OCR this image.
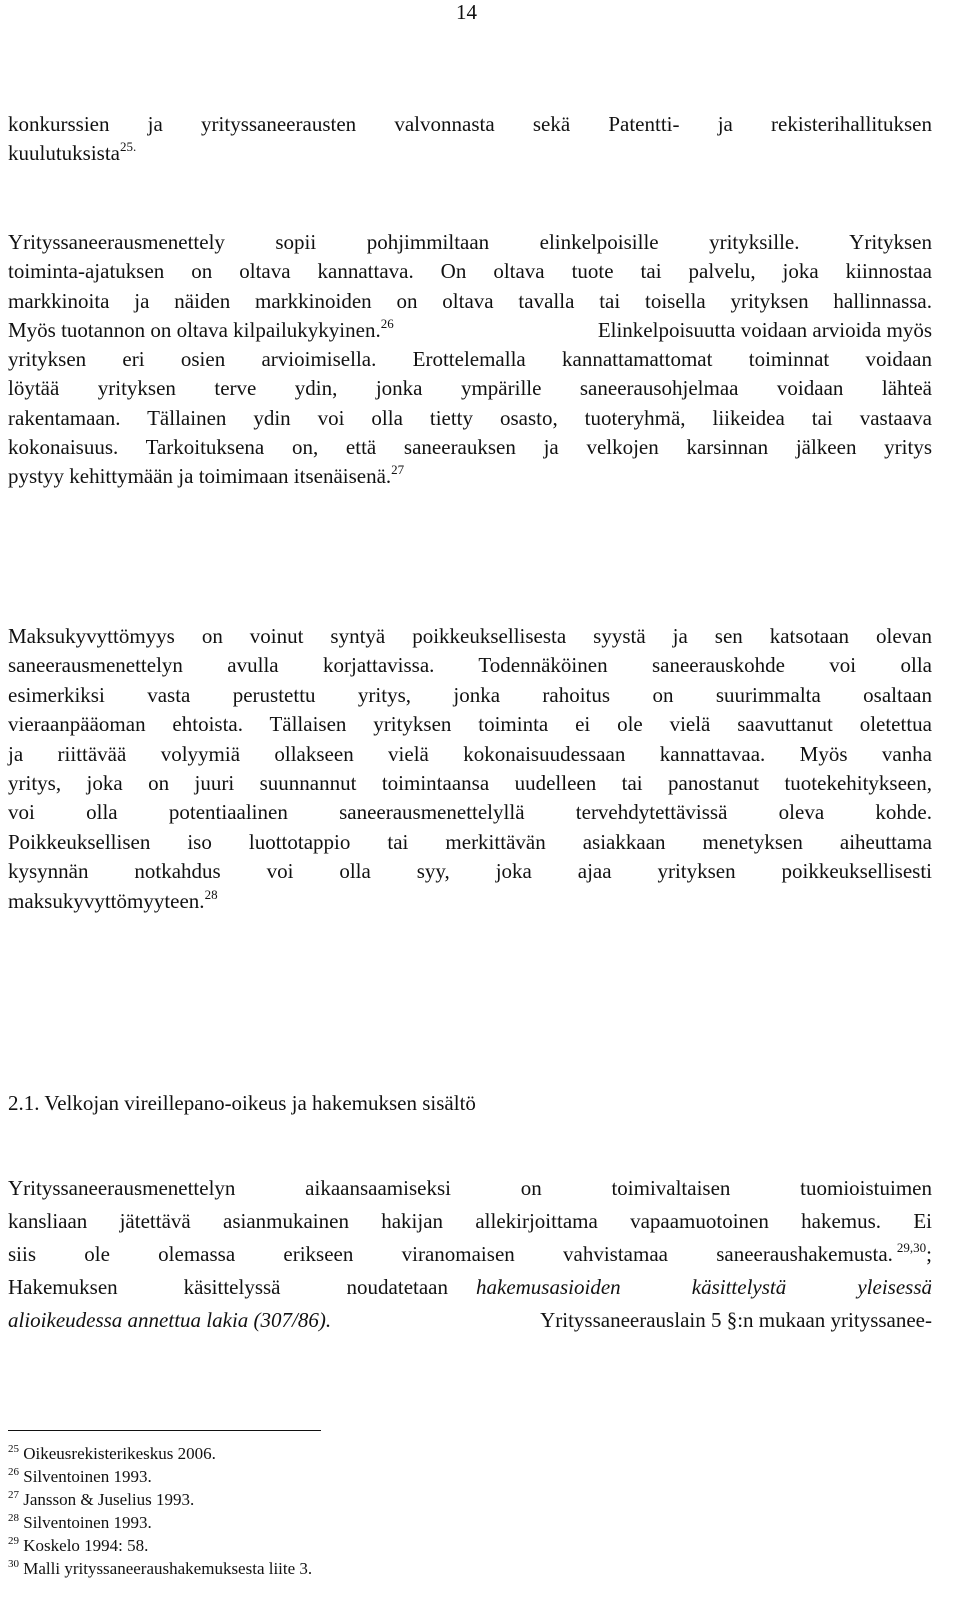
14
konkurssien ja yrityssaneerausten valvonnasta sekä Patentti- ja rekisterihallituksen
kuulutuksista$^{25.}$
Yrityssaneerausmenettely sopii pohjimmiltaan elinkelpoisille yrityksille. Yrityksen
toiminta-ajatuksen on oltava kannattava. On oltava tuote tai palvelu, joka kiinnostaa
markkinoita ja näiden markkinoiden on oltava tavalla tai toisella yrityksen hallinnassa.
Myös tuotannon on oltava kilpailukykyinen.$^{26}$	Elinkelpoisuutta voidaan arvioida myös
yrityksen eri osien arvioimisella. Erottelemalla kannattamattomat toiminnat voidaan
löytää yrityksen terve ydin, jonka ympärille saneerausohjelmaa voidaan lähteä
rakentamaan. Tällainen ydin voi olla tietty osasto, tuoteryhmä, liikeidea tai vastaava
kokonaisuus. Tarkoituksena on, että saneerauksen ja velkojen karsinnan jälkeen yritys
pystyy kehittymään ja toimimaan itsenäisenä.$^{27}$
Maksukyvyttömyys on voinut syntyä poikkeuksellisesta syystä ja sen katsotaan olevan
saneerausmenettelyn avulla korjattavissa. Todennäköinen saneerauskohde voi olla
esimerkiksi vasta perustettu yritys, jonka rahoitus on suurimmalta osaltaan
vieraanpääoman ehtoista. Tällaisen yrityksen toiminta ei ole vielä saavuttanut oletettua
ja riittävää volyymiä ollakseen vielä kokonaisuudessaan kannattavaa. Myös vanha
yritys, joka on juuri suunnannut toimintaansa uudelleen tai panostanut tuotekehitykseen,
voi olla potentiaalinen saneerausmenettelyllä tervehdytettävissä oleva kohde.
Poikkeuksellisen iso luottotappio tai merkittävän asiakkaan menetyksen aiheuttama
kysynnän notkahdus voi olla syy, joka ajaa yrityksen poikkeuksellisesti
maksukyvyttömyyteen.$^{28}$
2.1. Velkojan vireillepano-oikeus ja hakemuksen sisältö
Yrityssaneerausmenettelyn aikaansaamiseksi on toimivaltaisen tuomioistuimen
kansliaan jätettävä asianmukainen hakijan allekirjoittama vapaamuotoinen hakemus. Ei
siis ole olemassa erikseen viranomaisen vahvistamaa saneeraushakemusta. $^{29,30}$;
Hakemuksen käsittelyssä noudatetaan hakemusasioiden käsittelystä yleisessä
alioikeudessa annettua lakia (307/86).	Yrityssaneerauslain 5 §:n mukaan yrityssanee-
$^{25}$ Oikeusrekisterikeskus 2006.
$^{26}$ Silventoinen 1993.
$^{27}$ Jansson & Juselius 1993.
$^{28}$ Silventoinen 1993.
$^{29}$ Koskelo 1994: 58.
$^{30}$ Malli yrityssaneeraushakemuksesta liite 3.
